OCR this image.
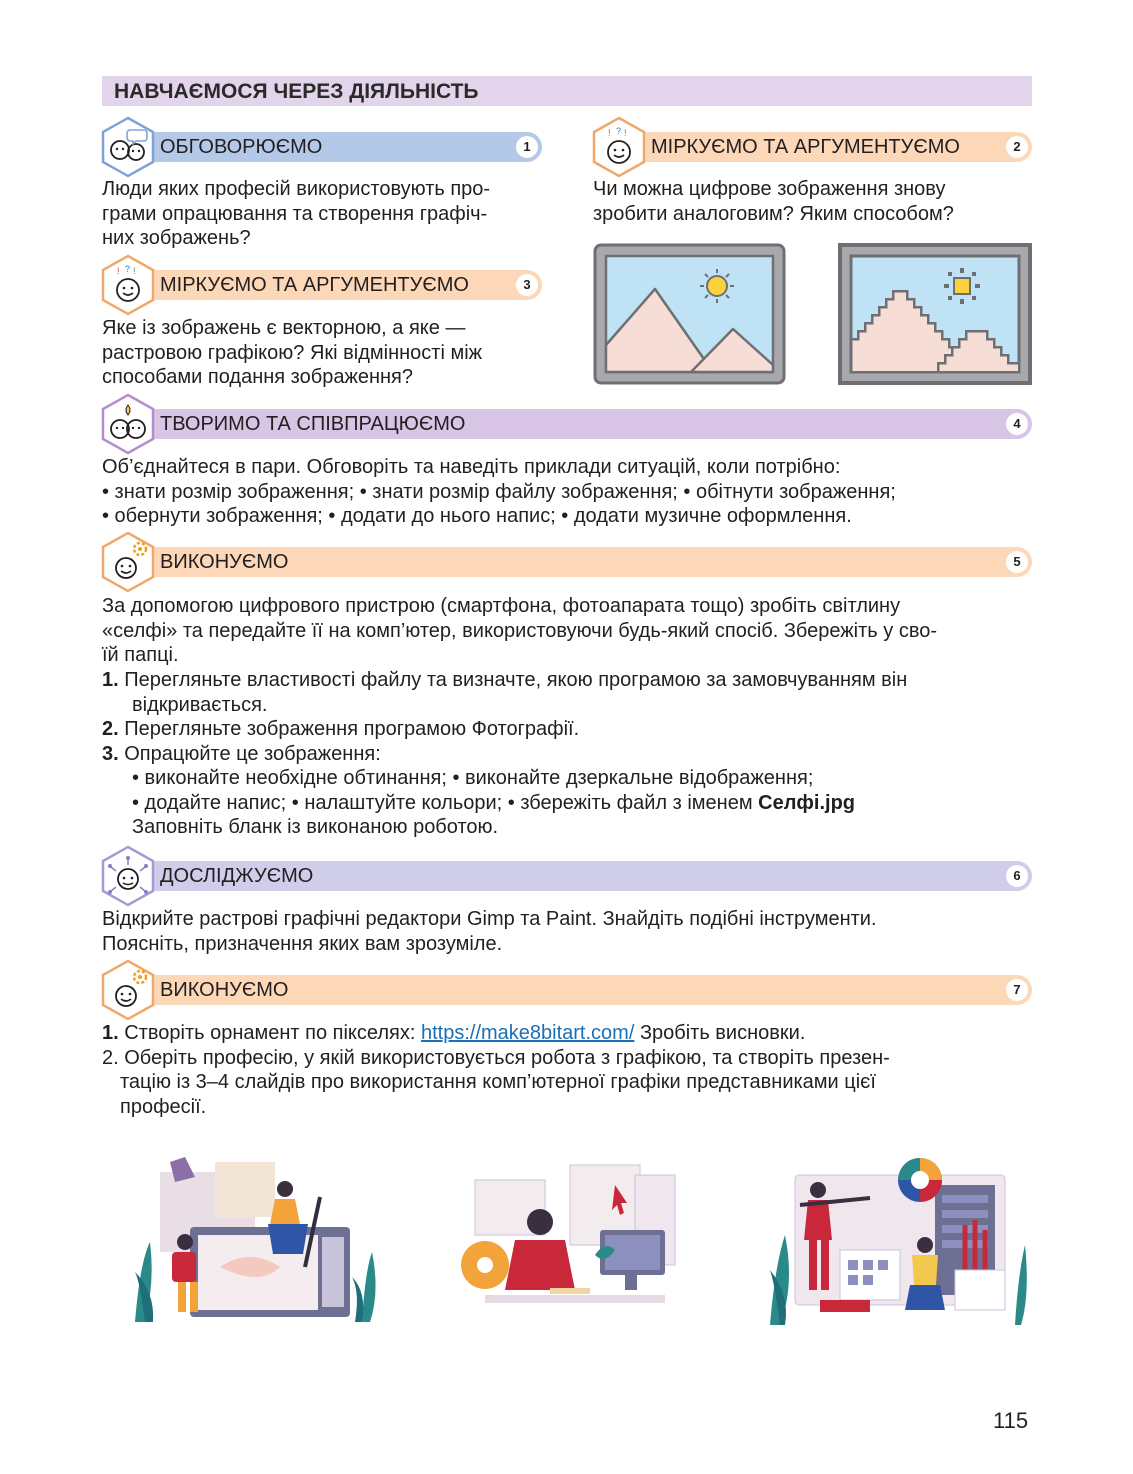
НАВЧАЄМОСЯ ЧЕРЕЗ ДІЯЛЬНІСТЬ
ОБГОВОРЮЄМО	1

Люди яких професій використовують про-

грами опрацювання та створення графіч-

них зображень?

! ? !
МІРКУЄМО ТА АРГУМЕНТУЄМО	2

Чи можна цифрове зображення знову

зробити аналоговим? Яким способом?

! ? !
МІРКУЄМО ТА АРГУМЕНТУЄМО	3

Яке із зображень є векторною, а яке —

растровою графікою? Які відмінності між

способами подання зображення?

ТВОРИМО ТА СПІВПРАЦЮЄМО	4

Об’єднайтеся в пари. Обговоріть та наведіть приклади ситуацій, коли потрібно:

• знати розмір зображення; • знати розмір файлу зображення; • обітнути зображення;

• обернути зображення; • додати до нього напис; • додати музичне оформлення.

ВИКОНУЄМО	5

За допомогою цифрового пристрою (смартфона, фотоапарата тощо) зробіть світлину

«селфі» та передайте її на комп’ютер, використовуючи будь-який спосіб. Збережіть у сво-

їй папці.

1. Перегляньте властивості файлу та визначте, якою програмою за замовчуванням він

відкривається.

2. Перегляньте зображення програмою Фотографії.

3. Опрацюйте це зображення:

• виконайте необхідне обтинання; • виконайте дзеркальне відображення;

• додайте напис; • налаштуйте кольори; • збережіть файл з іменем Селфі.jpg

Заповніть бланк із виконаною роботою.

ДОСЛІДЖУЄМО	6

Відкрийте растрові графічні редактори Gimp та Paint. Знайдіть подібні інструменти.

Поясніть, призначення яких вам зрозуміле.

ВИКОНУЄМО	7

1. Створіть орнамент по пікселях: https://make8bitart.com/ Зробіть висновки.

2. Оберіть професію, у якій використовується робота з графікою, та створіть презен-

тацію із 3–4 слайдів про використання комп’ютерної графіки представниками цієї

професії.

115
